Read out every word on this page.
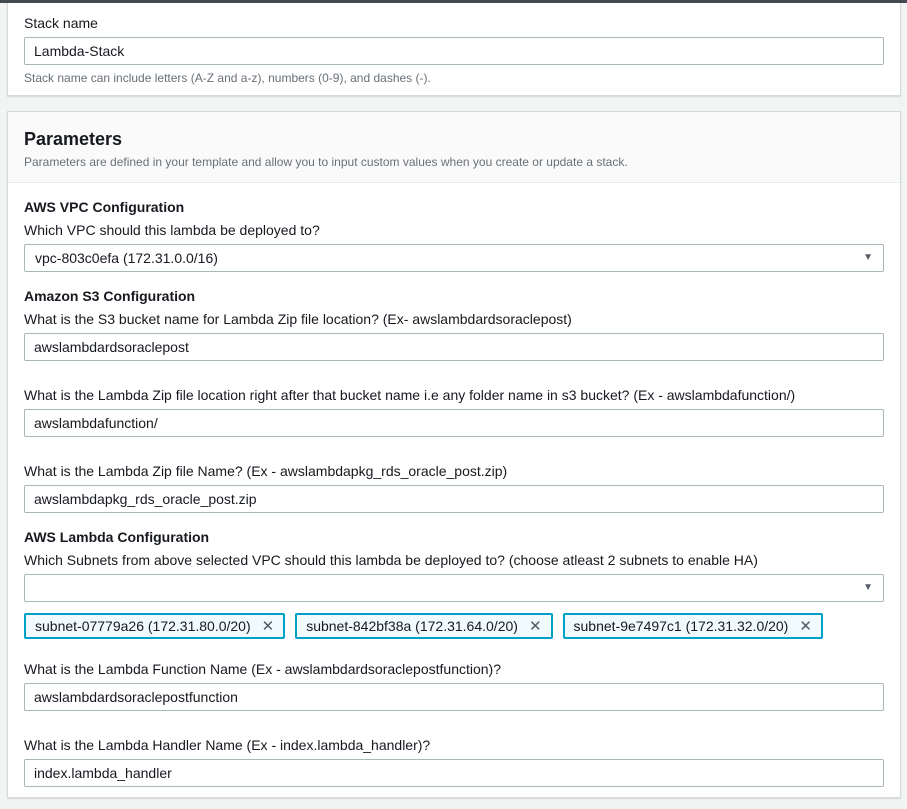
Stack name
Lambda-Stack
Stack name can include letters (A-Z and a-z), numbers (0-9), and dashes (-).
Parameters
Parameters are defined in your template and allow you to input custom values when you create or update a stack.
AWS VPC Configuration
Which VPC should this lambda be deployed to?
vpc-803c0efa (172.31.0.0/16)	▼
Amazon S3 Configuration
What is the S3 bucket name for Lambda Zip file location? (Ex- awslambdardsoraclepost)
awslambdardsoraclepost
What is the Lambda Zip file location right after that bucket name i.e any folder name in s3 bucket? (Ex - awslambdafunction/)
awslambdafunction/
What is the Lambda Zip file Name? (Ex - awslambdapkg_rds_oracle_post.zip)
awslambdapkg_rds_oracle_post.zip
AWS Lambda Configuration
Which Subnets from above selected VPC should this lambda be deployed to? (choose atleast 2 subnets to enable HA)
▼
subnet-07779a26 (172.31.80.0/20) ✕ subnet-842bf38a (172.31.64.0/20) ✕ subnet-9e7497c1 (172.31.32.0/20) ✕
What is the Lambda Function Name (Ex - awslambdardsoraclepostfunction)?
awslambdardsoraclepostfunction
What is the Lambda Handler Name (Ex - index.lambda_handler)?
index.lambda_handler
